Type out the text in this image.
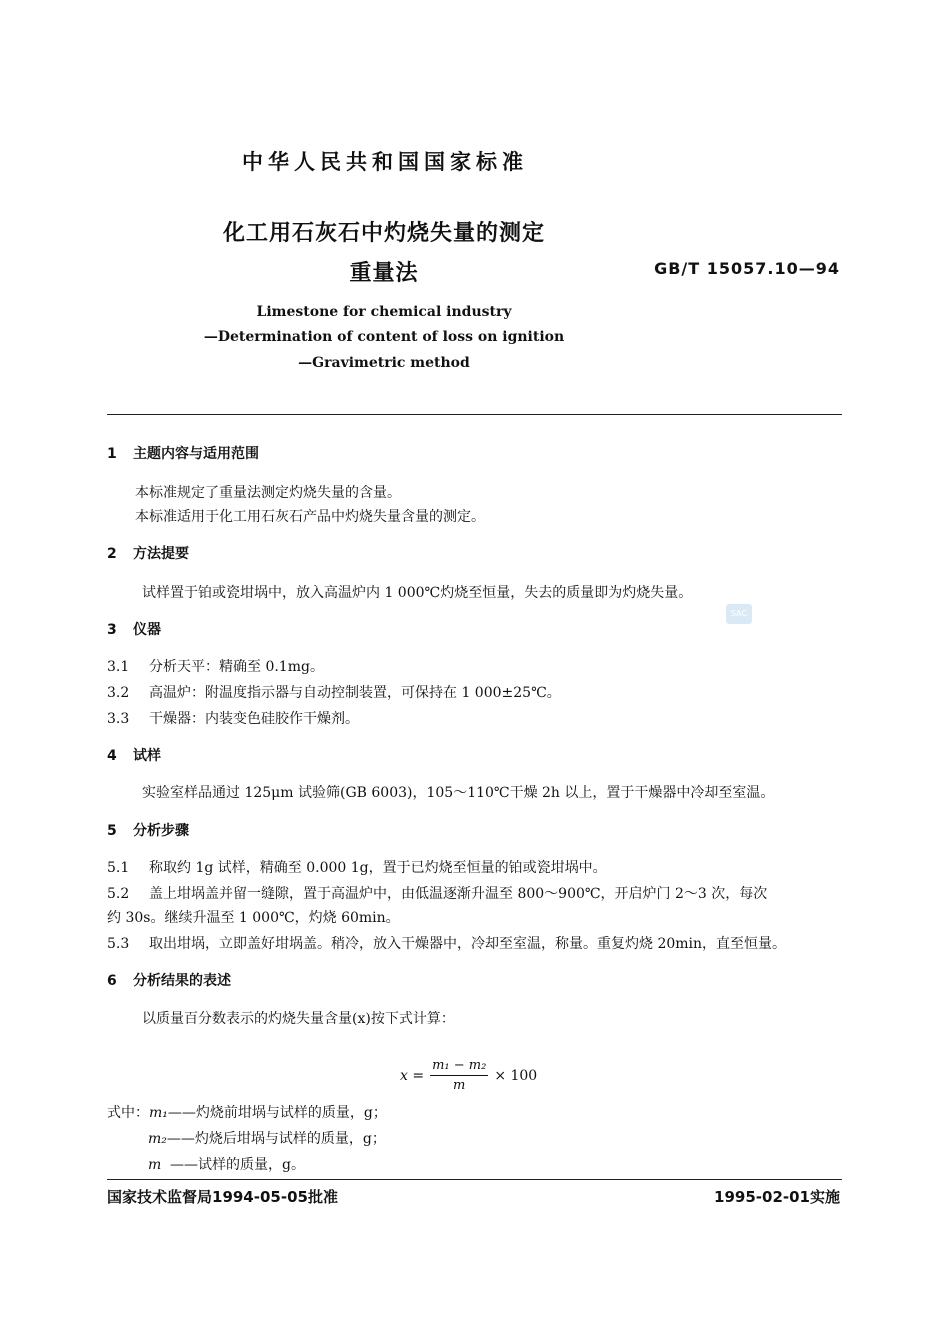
中华人民共和国国家标准
化工用石灰石中灼烧失量的测定
重量法	GB/T 15057.10—94
Limestone for chemical industry
—Determination of content of loss on ignition
—Gravimetric method
1 主题内容与适用范围
本标准规定了重量法测定灼烧失量的含量。
本标准适用于化工用石灰石产品中灼烧失量含量的测定。
2 方法提要
试样置于铂或瓷坩埚中，放入高温炉内 1 000℃灼烧至恒量，失去的质量即为灼烧失量。
SAC
3 仪器
3.1 分析天平：精确至 0.1mg。
3.2 高温炉：附温度指示器与自动控制装置，可保持在 1 000±25℃。
3.3 干燥器：内装变色硅胶作干燥剂。
4 试样
实验室样品通过 125μm 试验筛(GB 6003)，105～110℃干燥 2h 以上，置于干燥器中冷却至室温。
5 分析步骤
5.1 称取约 1g 试样，精确至 0.000 1g，置于已灼烧至恒量的铂或瓷坩埚中。
5.2 盖上坩埚盖并留一缝隙，置于高温炉中，由低温逐渐升温至 800～900℃，开启炉门 2～3 次，每次
约 30s。继续升温至 1 000℃，灼烧 60min。
5.3 取出坩埚，立即盖好坩埚盖。稍冷，放入干燥器中，冷却至室温，称量。重复灼烧 20min，直至恒量。
6 分析结果的表述
以质量百分数表示的灼烧失量含量(x)按下式计算：
$x = \frac{\text{m₁ − m₂}}{m} \times 100$
式中：m₁——灼烧前坩埚与试样的质量，g；
m₂——灼烧后坩埚与试样的质量，g；
m ——试样的质量，g。
国家技术监督局1994-05-05批准	1995-02-01实施
